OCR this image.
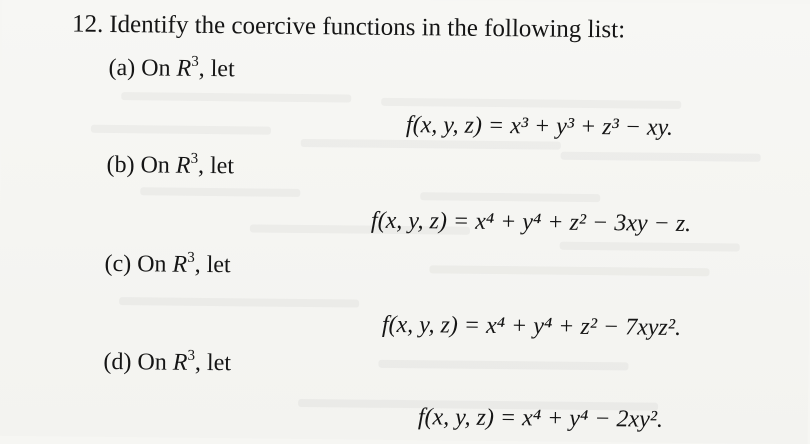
12. Identify the coercive functions in the following list:
(a) On $R^3$, let
f(x, y, z) = x³ + y³ + z³ − xy.
(b) On $R^3$, let
f(x, y, z) = x⁴ + y⁴ + z² − 3xy − z.
(c) On $R^3$, let
f(x, y, z) = x⁴ + y⁴ + z² − 7xyz².
(d) On $R^3$, let
f(x, y, z) = x⁴ + y⁴ − 2xy².
